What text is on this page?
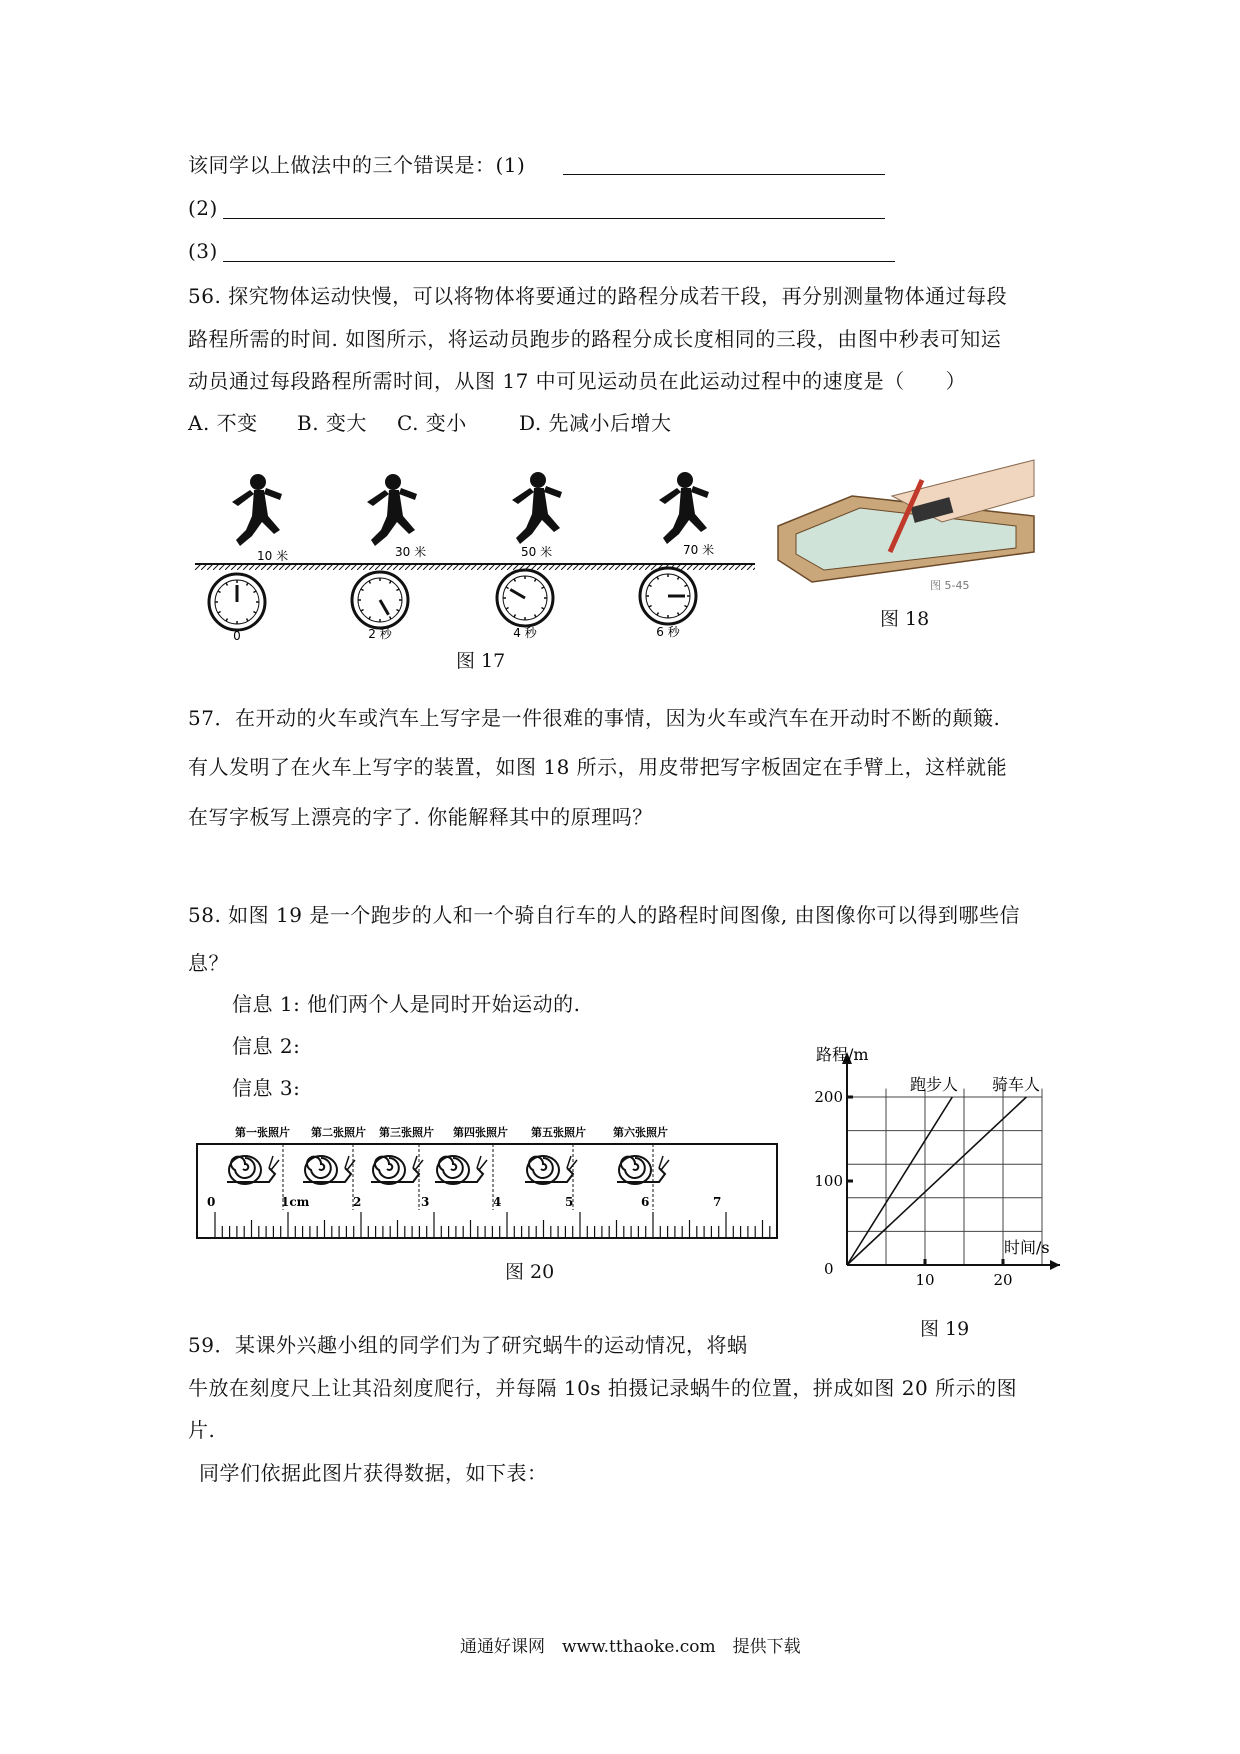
该同学以上做法中的三个错误是：(1)
(2)
(3)
56. 探究物体运动快慢，可以将物体将要通过的路程分成若干段，再分别测量物体通过每段
路程所需的时间. 如图所示，将运动员跑步的路程分成长度相同的三段，由图中秒表可知运
动员通过每段路程所需时间，从图 17 中可见运动员在此运动过程中的速度是（　　）
A. 不变 B. 变大 C. 变小	D. 先减小后增大
10 米	30 米	50 米	70 米
0	2 秒	4 秒	6 秒
图 17
图 5-45
图 18
57．在开动的火车或汽车上写字是一件很难的事情，因为火车或汽车在开动时不断的颠簸.
有人发明了在火车上写字的装置，如图 18 所示，用皮带把写字板固定在手臂上，这样就能
在写字板写上漂亮的字了. 你能解释其中的原理吗？
58. 如图 19 是一个跑步的人和一个骑自行车的人的路程时间图像, 由图像你可以得到哪些信
息？
信息 1: 他们两个人是同时开始运动的.
信息 2:
信息 3:
第一张照片 第二张照片 第三张照片 第四张照片 第五张照片 第六张照片
0	1cm	2	3	4	5	6	7
图 20
路程/m
时间/s
0
10	20
100
200
跑步人 骑车人
图 19
59．某课外兴趣小组的同学们为了研究蜗牛的运动情况，将蜗
牛放在刻度尺上让其沿刻度爬行，并每隔 10s 拍摄记录蜗牛的位置，拼成如图 20 所示的图
片.
同学们依据此图片获得数据，如下表：
通通好课网　www.tthaoke.com　提供下载
